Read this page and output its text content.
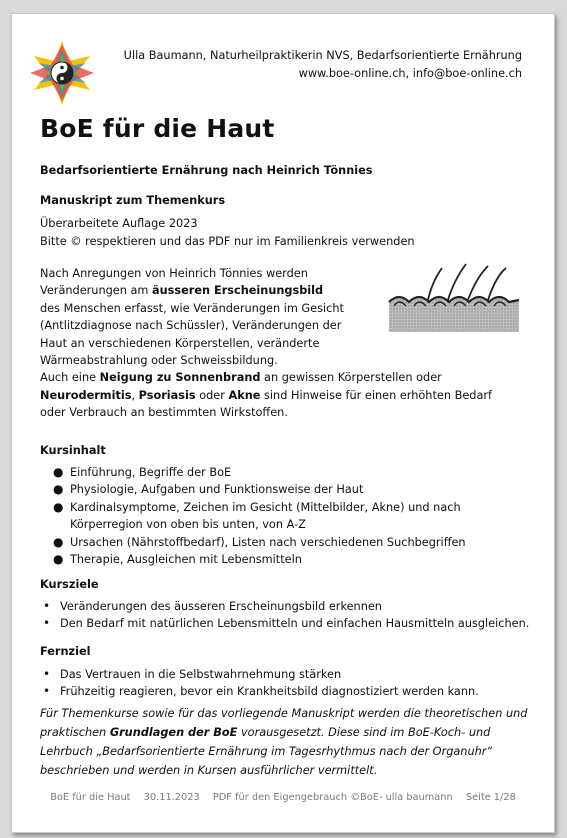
Ulla Baumann, Naturheilpraktikerin NVS, Bedarfsorientierte Ernährung
www.boe-online.ch, info@boe-online.ch
BoE für die Haut
Bedarfsorientierte Ernährung nach Heinrich Tönnies
Manuskript zum Themenkurs
Überarbeitete Auflage 2023
Bitte © respektieren und das PDF nur im Familienkreis verwenden
Nach Anregungen von Heinrich Tönnies werden Veränderungen am äusseren Erscheinungsbild des Menschen erfasst, wie Veränderungen im Gesicht (Antlitzdiagnose nach Schüssler), Veränderungen der Haut an verschiedenen Körperstellen, veränderte Wärmeabstrahlung oder Schweissbildung.
Auch eine Neigung zu Sonnenbrand an gewissen Körperstellen oder Neurodermitis, Psoriasis oder Akne sind Hinweise für einen erhöhten Bedarf oder Verbrauch an bestimmten Wirkstoffen.
Kursinhalt
● Einführung, Begriffe der BoE
● Physiologie, Aufgaben und Funktionsweise der Haut
● Kardinalsymptome, Zeichen im Gesicht (Mittelbilder, Akne) und nach Körperregion von oben bis unten, von A-Z
● Ursachen (Nährstoffbedarf), Listen nach verschiedenen Suchbegriffen
● Therapie, Ausgleichen mit Lebensmitteln
Kursziele
• Veränderungen des äusseren Erscheinungsbild erkennen
• Den Bedarf mit natürlichen Lebensmitteln und einfachen Hausmitteln ausgleichen.
Fernziel
• Das Vertrauen in die Selbstwahrnehmung stärken
• Frühzeitig reagieren, bevor ein Krankheitsbild diagnostiziert werden kann.
Für Themenkurse sowie für das vorliegende Manuskript werden die theoretischen und praktischen Grundlagen der BoE vorausgesetzt. Diese sind im BoE-Koch- und Lehrbuch „Bedarfsorientierte Ernährung im Tagesrhythmus nach der Organuhr“ beschrieben und werden in Kursen ausführlicher vermittelt.
BoE für die Haut 30.11.2023 PDF für den Eigengebrauch ©BoE- ulla baumann Seite 1/28
